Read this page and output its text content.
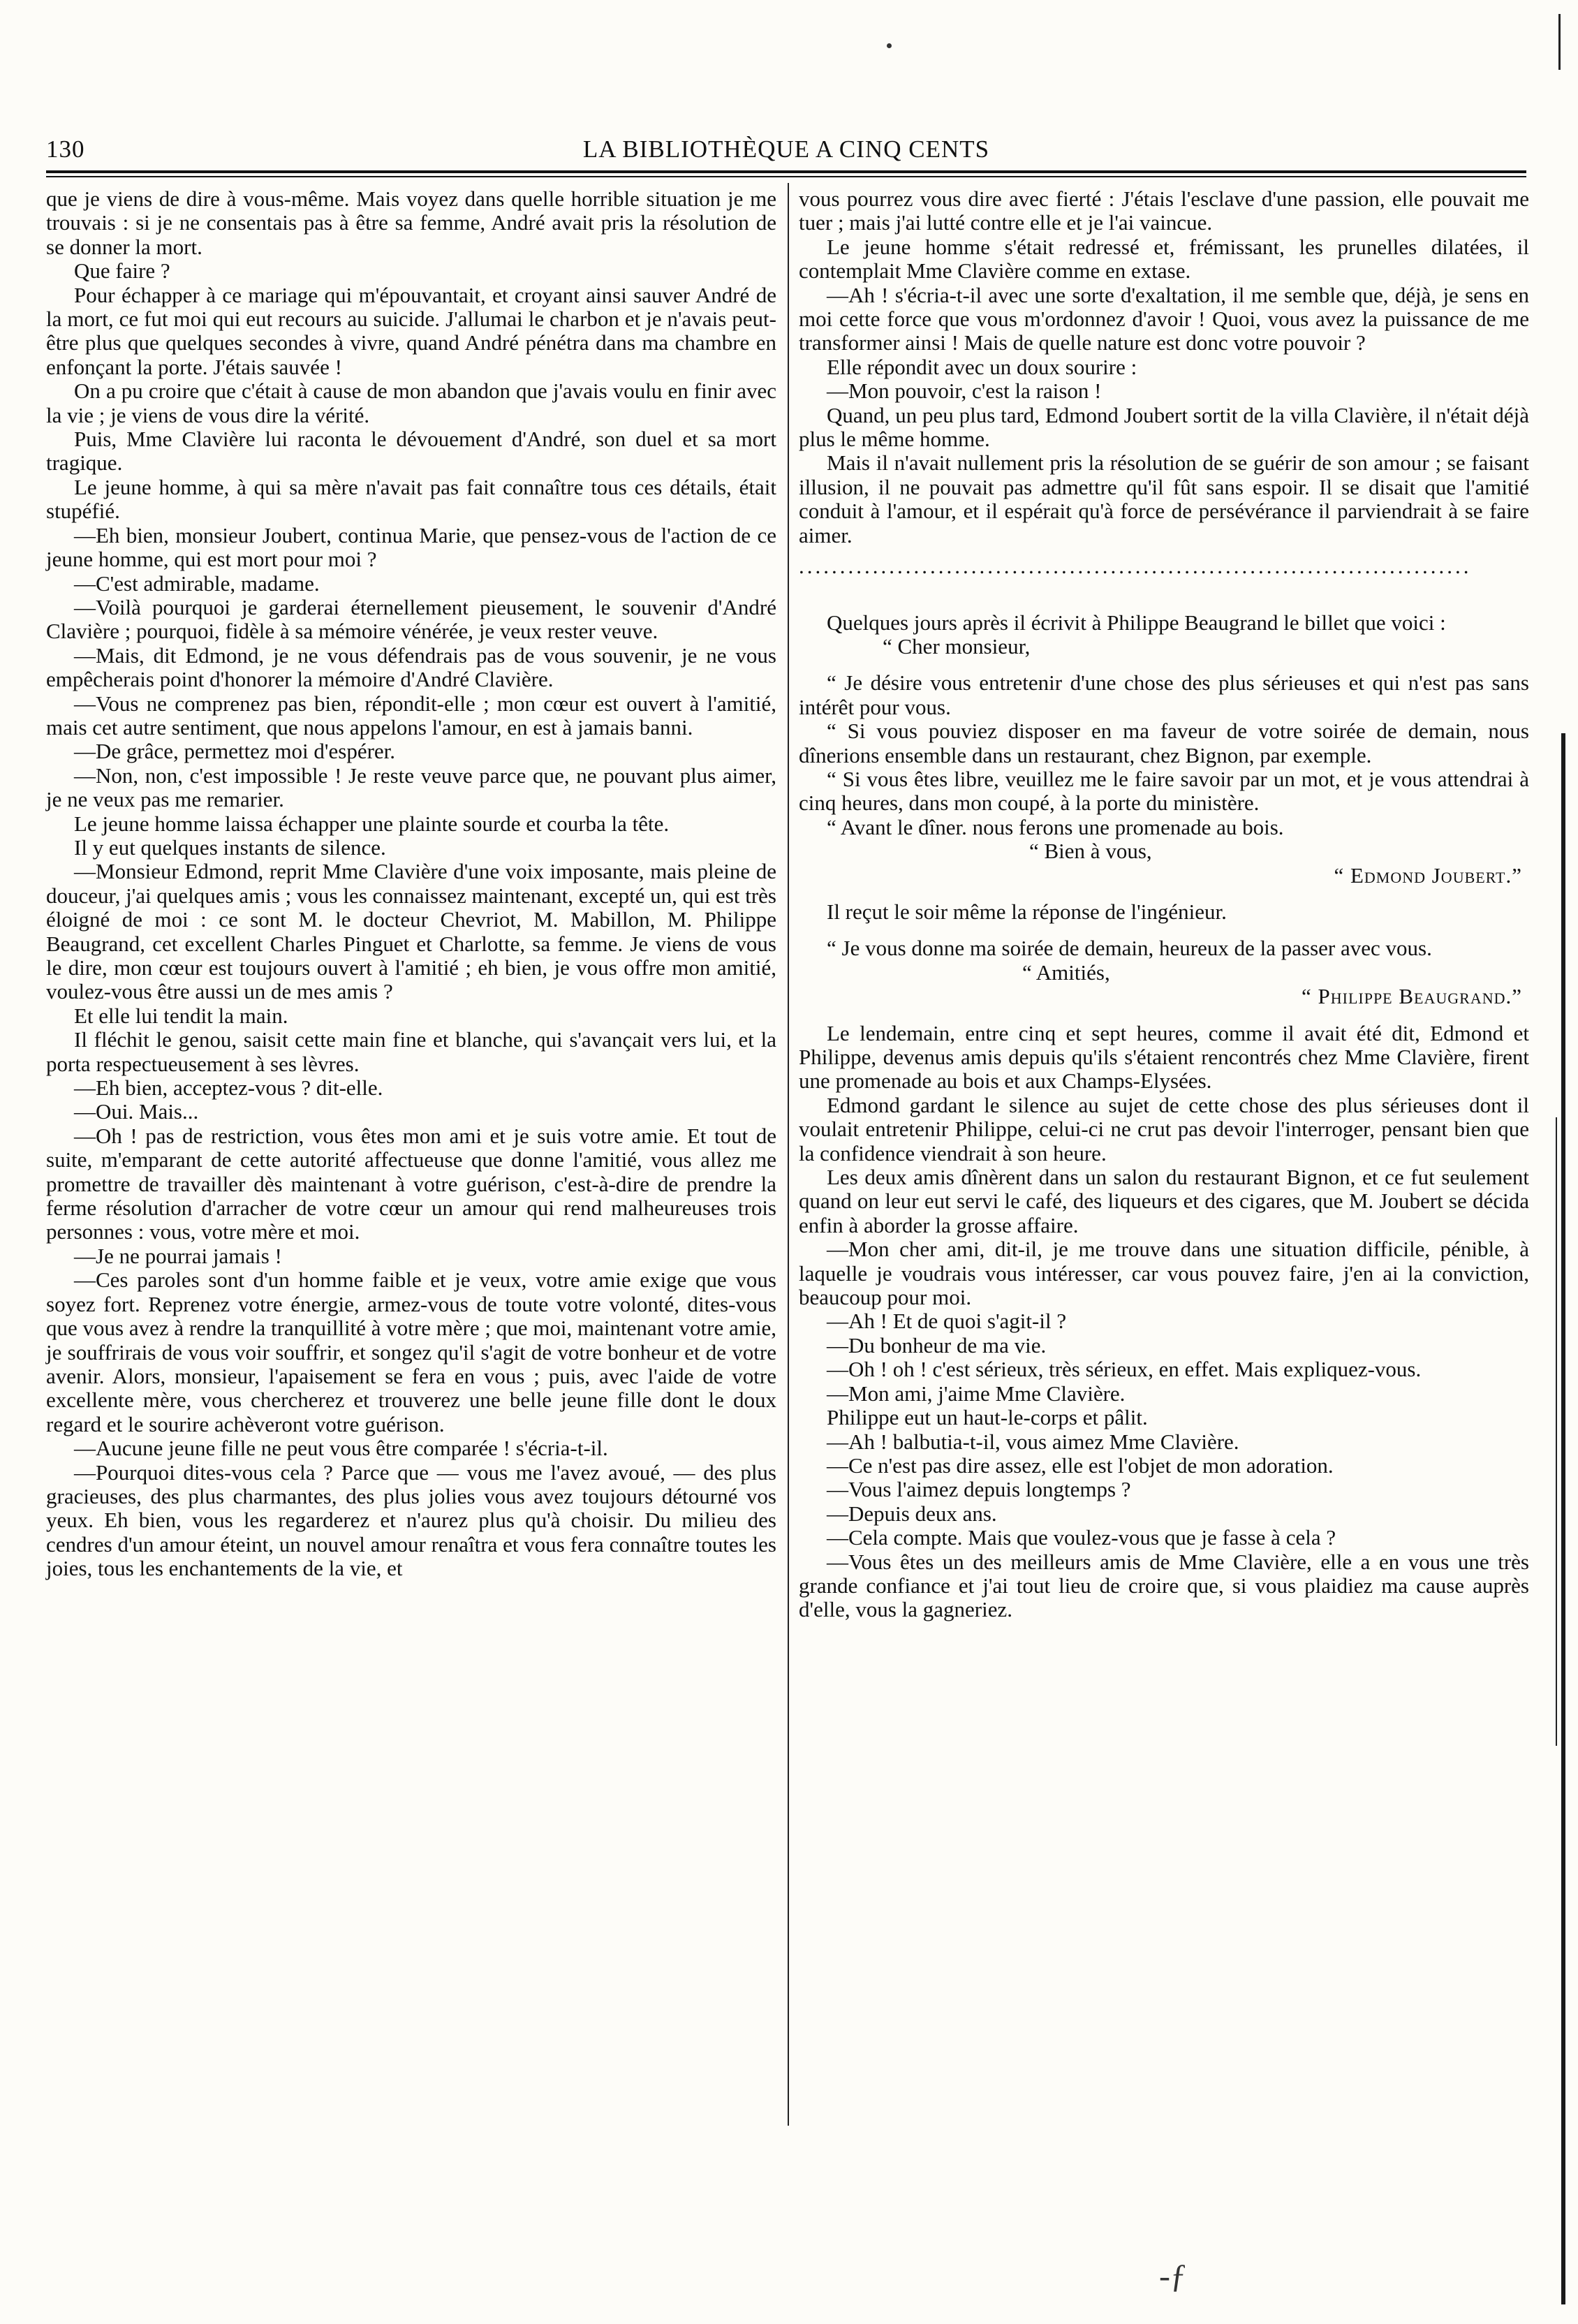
130	LA BIBLIOTHÈQUE A CINQ CENTS

que je viens de dire à vous-même. Mais voyez dans quelle horrible situation je me trouvais : si je ne consentais pas à être sa femme, André avait pris la résolution de se donner la mort.

Que faire ?

Pour échapper à ce mariage qui m'épouvantait, et croyant ainsi sauver André de la mort, ce fut moi qui eut recours au suicide. J'allumai le charbon et je n'avais peut-être plus que quelques secondes à vivre, quand André pénétra dans ma chambre en enfonçant la porte. J'étais sauvée !

On a pu croire que c'était à cause de mon abandon que j'avais voulu en finir avec la vie ; je viens de vous dire la vérité.

Puis, Mme Clavière lui raconta le dévouement d'André, son duel et sa mort tragique.

Le jeune homme, à qui sa mère n'avait pas fait connaître tous ces détails, était stupéfié.

—Eh bien, monsieur Joubert, continua Marie, que pensez-vous de l'action de ce jeune homme, qui est mort pour moi ?

—C'est admirable, madame.

—Voilà pourquoi je garderai éternellement pieusement, le souvenir d'André Clavière ; pourquoi, fidèle à sa mémoire vénérée, je veux rester veuve.

—Mais, dit Edmond, je ne vous défendrais pas de vous souvenir, je ne vous empêcherais point d'honorer la mémoire d'André Clavière.

—Vous ne comprenez pas bien, répondit-elle ; mon cœur est ouvert à l'amitié, mais cet autre sentiment, que nous appelons l'amour, en est à jamais banni.

—De grâce, permettez moi d'espérer.

—Non, non, c'est impossible ! Je reste veuve parce que, ne pouvant plus aimer, je ne veux pas me remarier.

Le jeune homme laissa échapper une plainte sourde et courba la tête.

Il y eut quelques instants de silence.

—Monsieur Edmond, reprit Mme Clavière d'une voix imposante, mais pleine de douceur, j'ai quelques amis ; vous les connaissez maintenant, excepté un, qui est très éloigné de moi : ce sont M. le docteur Chevriot, M. Mabillon, M. Philippe Beaugrand, cet excellent Charles Pinguet et Charlotte, sa femme. Je viens de vous le dire, mon cœur est toujours ouvert à l'amitié ; eh bien, je vous offre mon amitié, voulez-vous être aussi un de mes amis ?

Et elle lui tendit la main.

Il fléchit le genou, saisit cette main fine et blanche, qui s'avançait vers lui, et la porta respectueusement à ses lèvres.

—Eh bien, acceptez-vous ? dit-elle.

—Oui. Mais...

—Oh ! pas de restriction, vous êtes mon ami et je suis votre amie. Et tout de suite, m'emparant de cette autorité affectueuse que donne l'amitié, vous allez me promettre de travailler dès maintenant à votre guérison, c'est-à-dire de prendre la ferme résolution d'arracher de votre cœur un amour qui rend malheureuses trois personnes : vous, votre mère et moi.

—Je ne pourrai jamais !

—Ces paroles sont d'un homme faible et je veux, votre amie exige que vous soyez fort. Reprenez votre énergie, armez-vous de toute votre volonté, dites-vous que vous avez à rendre la tranquillité à votre mère ; que moi, maintenant votre amie, je souffrirais de vous voir souffrir, et songez qu'il s'agit de votre bonheur et de votre avenir. Alors, monsieur, l'apaisement se fera en vous ; puis, avec l'aide de votre excellente mère, vous chercherez et trouverez une belle jeune fille dont le doux regard et le sourire achèveront votre guérison.

—Aucune jeune fille ne peut vous être comparée ! s'écria-t-il.

—Pourquoi dites-vous cela ? Parce que — vous me l'avez avoué, — des plus gracieuses, des plus charmantes, des plus jolies vous avez toujours détourné vos yeux. Eh bien, vous les regarderez et n'aurez plus qu'à choisir. Du milieu des cendres d'un amour éteint, un nouvel amour renaîtra et vous fera connaître toutes les joies, tous les enchantements de la vie, et

vous pourrez vous dire avec fierté : J'étais l'esclave d'une passion, elle pouvait me tuer ; mais j'ai lutté contre elle et je l'ai vaincue.

Le jeune homme s'était redressé et, frémissant, les prunelles dilatées, il contemplait Mme Clavière comme en extase.

—Ah ! s'écria-t-il avec une sorte d'exaltation, il me semble que, déjà, je sens en moi cette force que vous m'ordonnez d'avoir ! Quoi, vous avez la puissance de me transformer ainsi ! Mais de quelle nature est donc votre pouvoir ?

Elle répondit avec un doux sourire :

—Mon pouvoir, c'est la raison !

Quand, un peu plus tard, Edmond Joubert sortit de la villa Clavière, il n'était déjà plus le même homme.

Mais il n'avait nullement pris la résolution de se guérir de son amour ; se faisant illusion, il ne pouvait pas admettre qu'il fût sans espoir. Il se disait que l'amitié conduit à l'amour, et il espérait qu'à force de persévérance il parviendrait à se faire aimer.

..................................................................................

Quelques jours après il écrivit à Philippe Beaugrand le billet que voici :

“ Cher monsieur,

“ Je désire vous entretenir d'une chose des plus sérieuses et qui n'est pas sans intérêt pour vous.

“ Si vous pouviez disposer en ma faveur de votre soirée de demain, nous dînerions ensemble dans un restaurant, chez Bignon, par exemple.

“ Si vous êtes libre, veuillez me le faire savoir par un mot, et je vous attendrai à cinq heures, dans mon coupé, à la porte du ministère.

“ Avant le dîner. nous ferons une promenade au bois.

“ Bien à vous,

“ Edmond Joubert.”

Il reçut le soir même la réponse de l'ingénieur.

“ Je vous donne ma soirée de demain, heureux de la passer avec vous.

“ Amitiés,

“ Philippe Beaugrand.”

Le lendemain, entre cinq et sept heures, comme il avait été dit, Edmond et Philippe, devenus amis depuis qu'ils s'étaient rencontrés chez Mme Clavière, firent une promenade au bois et aux Champs-Elysées.

Edmond gardant le silence au sujet de cette chose des plus sérieuses dont il voulait entretenir Philippe, celui-ci ne crut pas devoir l'interroger, pensant bien que la confidence viendrait à son heure.

Les deux amis dînèrent dans un salon du restaurant Bignon, et ce fut seulement quand on leur eut servi le café, des liqueurs et des cigares, que M. Joubert se décida enfin à aborder la grosse affaire.

—Mon cher ami, dit-il, je me trouve dans une situation difficile, pénible, à laquelle je voudrais vous intéresser, car vous pouvez faire, j'en ai la conviction, beaucoup pour moi.

—Ah ! Et de quoi s'agit-il ?

—Du bonheur de ma vie.

—Oh ! oh ! c'est sérieux, très sérieux, en effet. Mais expliquez-vous.

—Mon ami, j'aime Mme Clavière.

Philippe eut un haut-le-corps et pâlit.

—Ah ! balbutia-t-il, vous aimez Mme Clavière.

—Ce n'est pas dire assez, elle est l'objet de mon adoration.

—Vous l'aimez depuis longtemps ?

—Depuis deux ans.

—Cela compte. Mais que voulez-vous que je fasse à cela ?

—Vous êtes un des meilleurs amis de Mme Clavière, elle a en vous une très grande confiance et j'ai tout lieu de croire que, si vous plaidiez ma cause auprès d'elle, vous la gagneriez.

-ƒ
